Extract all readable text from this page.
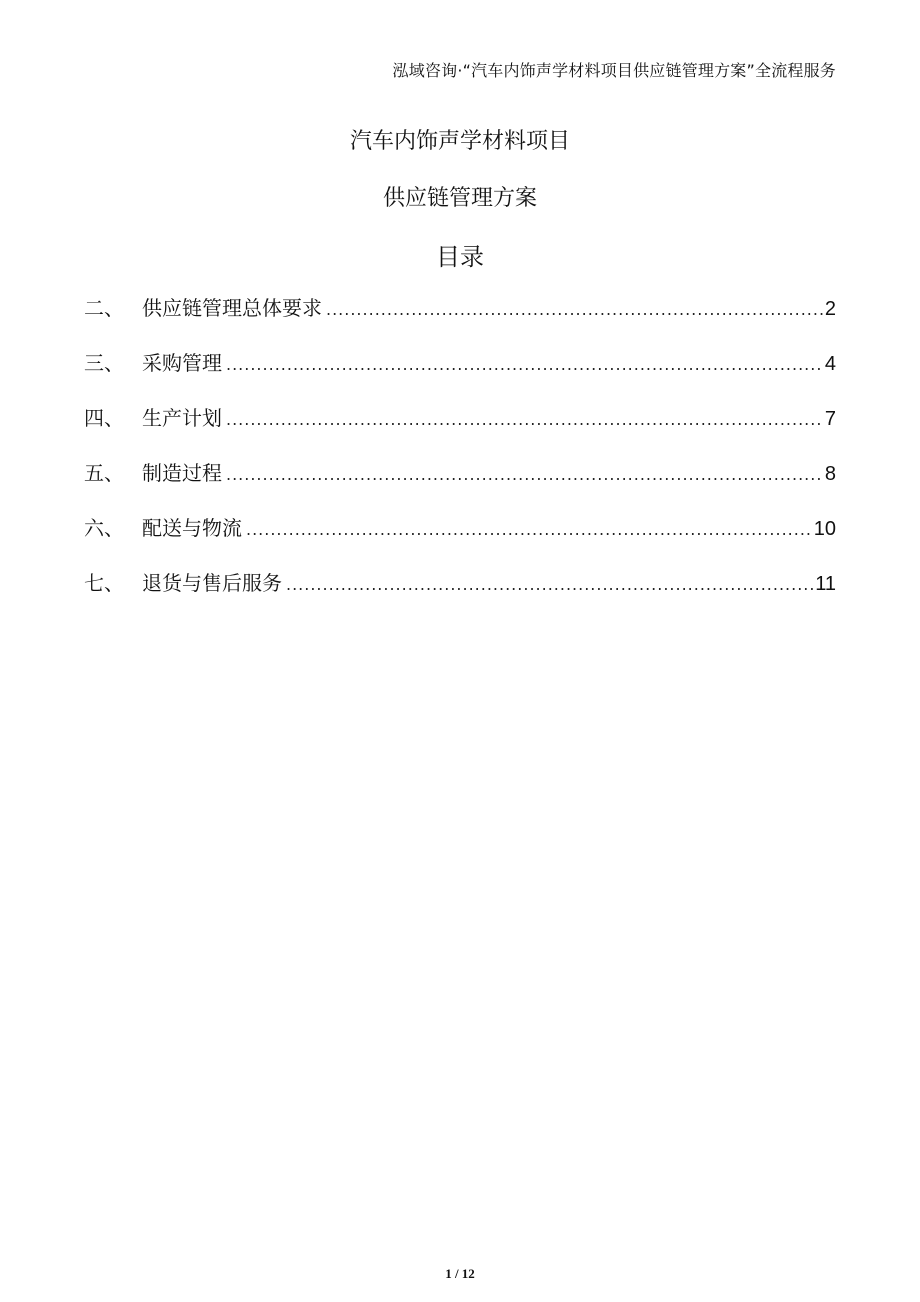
泓域咨询·“汽车内饰声学材料项目供应链管理方案”全流程服务
汽车内饰声学材料项目
供应链管理方案
目录
二、 供应链管理总体要求 .....	2
三、 采购管理 .....	4
四、 生产计划 .....	7
五、 制造过程 .....	8
六、 配送与物流 .....	10
七、 退货与售后服务 .....	11
1 / 12
